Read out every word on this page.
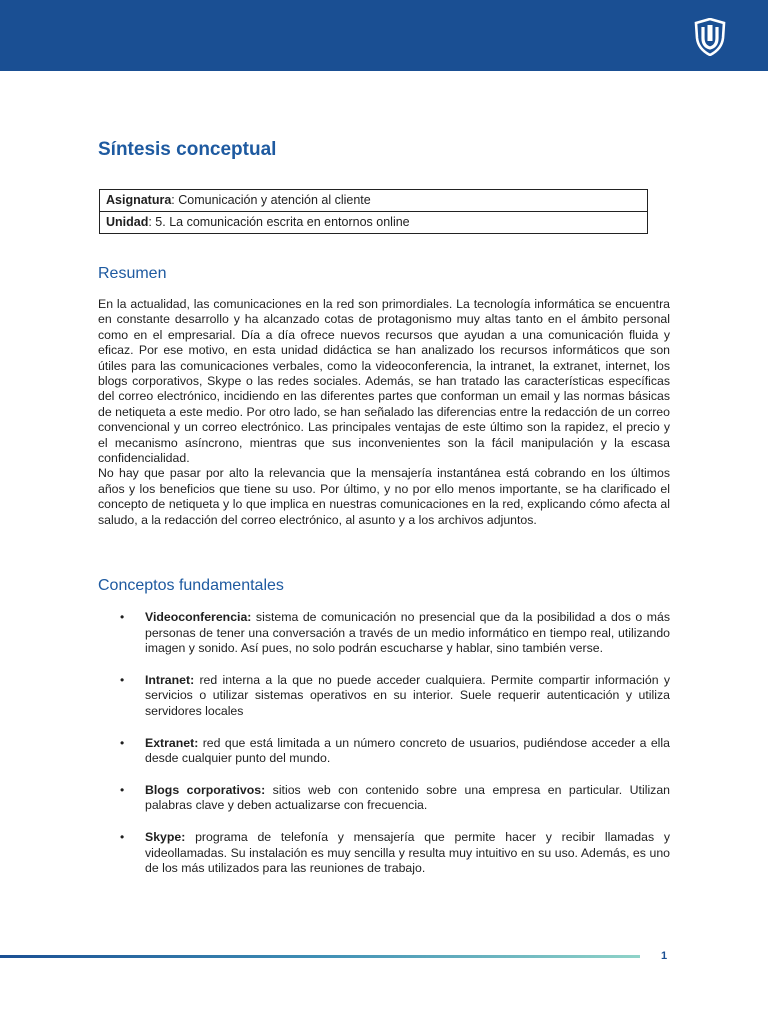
Síntesis conceptual
Asignatura: Comunicación y atención al cliente
Unidad: 5. La comunicación escrita en entornos online
Resumen

En la actualidad, las comunicaciones en la red son primordiales. La tecnología informática se encuentra en constante desarrollo y ha alcanzado cotas de protagonismo muy altas tanto en el ámbito personal como en el empresarial. Día a día ofrece nuevos recursos que ayudan a una comunicación fluida y eficaz. Por ese motivo, en esta unidad didáctica se han analizado los recursos informáticos que son útiles para las comunicaciones verbales, como la videoconferencia, la intranet, la extranet, internet, los blogs corporativos, Skype o las redes sociales. Además, se han tratado las características específicas del correo electrónico, incidiendo en las diferentes partes que conforman un email y las normas básicas de netiqueta a este medio. Por otro lado, se han señalado las diferencias entre la redacción de un correo convencional y un correo electrónico. Las principales ventajas de este último son la rapidez, el precio y el mecanismo asíncrono, mientras que sus inconvenientes son la fácil manipulación y la escasa confidencialidad.

No hay que pasar por alto la relevancia que la mensajería instantánea está cobrando en los últimos años y los beneficios que tiene su uso. Por último, y no por ello menos importante, se ha clarificado el concepto de netiqueta y lo que implica en nuestras comunicaciones en la red, explicando cómo afecta al saludo, a la redacción del correo electrónico, al asunto y a los archivos adjuntos.

Conceptos fundamentales
• Videoconferencia: sistema de comunicación no presencial que da la posibilidad a dos o más personas de tener una conversación a través de un medio informático en tiempo real, utilizando imagen y sonido. Así pues, no solo podrán escucharse y hablar, sino también verse.
• Intranet: red interna a la que no puede acceder cualquiera. Permite compartir información y servicios o utilizar sistemas operativos en su interior. Suele requerir autenticación y utiliza servidores locales
• Extranet: red que está limitada a un número concreto de usuarios, pudiéndose acceder a ella desde cualquier punto del mundo.
• Blogs corporativos: sitios web con contenido sobre una empresa en particular. Utilizan palabras clave y deben actualizarse con frecuencia.
• Skype: programa de telefonía y mensajería que permite hacer y recibir llamadas y videollamadas. Su instalación es muy sencilla y resulta muy intuitivo en su uso. Además, es uno de los más utilizados para las reuniones de trabajo.
1
